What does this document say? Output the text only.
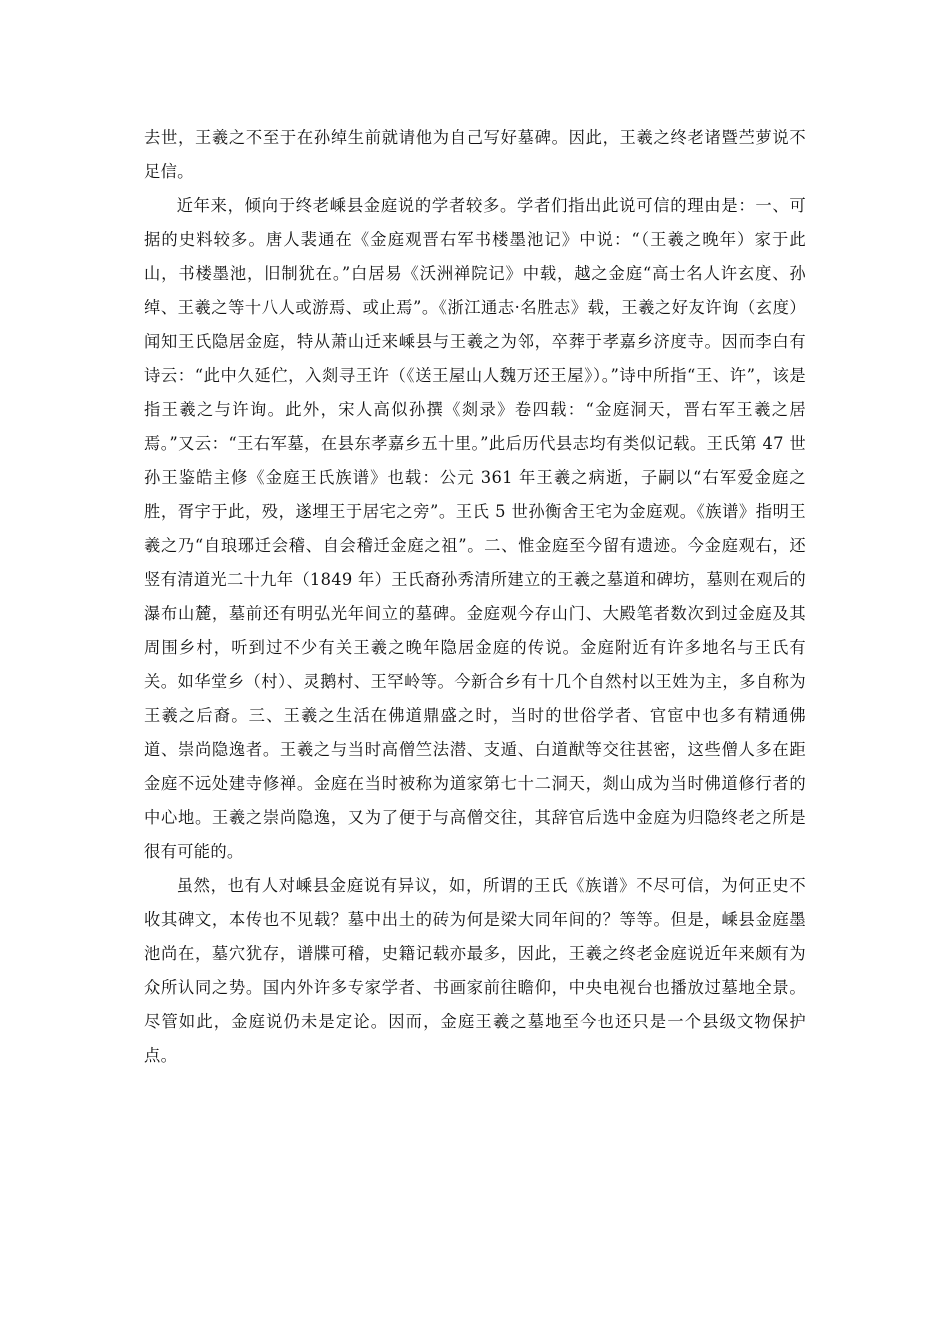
去世，王羲之不至于在孙绰生前就请他为自己写好墓碑。因此，王羲之终老诸暨苎萝说不足信。

近年来，倾向于终老嵊县金庭说的学者较多。学者们指出此说可信的理由是：一、可据的史料较多。唐人裴通在《金庭观晋右军书楼墨池记》中说：“（王羲之晚年）家于此山，书楼墨池，旧制犹在。”白居易《沃洲禅院记》中载，越之金庭“高士名人许玄度、孙绰、王羲之等十八人或游焉、或止焉”。《浙江通志·名胜志》载，王羲之好友许询（玄度）闻知王氏隐居金庭，特从萧山迁来嵊县与王羲之为邻，卒葬于孝嘉乡济度寺。因而李白有诗云：“此中久延伫，入剡寻王许（《送王屋山人魏万还王屋》）。”诗中所指“王、许”，该是指王羲之与许询。此外，宋人高似孙撰《剡录》卷四载：“金庭洞天，晋右军王羲之居焉。”又云：“王右军墓，在县东孝嘉乡五十里。”此后历代县志均有类似记载。王氏第 47 世孙王鉴皓主修《金庭王氏族谱》也载：公元 361 年王羲之病逝，子嗣以“右军爱金庭之胜，胥宇于此，殁，遂埋王于居宅之旁”。王氏 5 世孙衡舍王宅为金庭观。《族谱》指明王羲之乃“自琅琊迁会稽、自会稽迁金庭之祖”。二、惟金庭至今留有遗迹。今金庭观右，还竖有清道光二十九年（1849 年）王氏裔孙秀清所建立的王羲之墓道和碑坊，墓则在观后的瀑布山麓，墓前还有明弘光年间立的墓碑。金庭观今存山门、大殿笔者数次到过金庭及其周围乡村，听到过不少有关王羲之晚年隐居金庭的传说。金庭附近有许多地名与王氏有关。如华堂乡（村）、灵鹅村、王罕岭等。今新合乡有十几个自然村以王姓为主，多自称为王羲之后裔。三、王羲之生活在佛道鼎盛之时，当时的世俗学者、官宦中也多有精通佛道、崇尚隐逸者。王羲之与当时高僧竺法潜、支遁、白道猷等交往甚密，这些僧人多在距金庭不远处建寺修禅。金庭在当时被称为道家第七十二洞天，剡山成为当时佛道修行者的中心地。王羲之崇尚隐逸，又为了便于与高僧交往，其辞官后选中金庭为归隐终老之所是很有可能的。

虽然，也有人对嵊县金庭说有异议，如，所谓的王氏《族谱》不尽可信，为何正史不收其碑文，本传也不见载？墓中出土的砖为何是梁大同年间的？等等。但是，嵊县金庭墨池尚在，墓穴犹存，谱牒可稽，史籍记载亦最多，因此，王羲之终老金庭说近年来颇有为众所认同之势。国内外许多专家学者、书画家前往瞻仰，中央电视台也播放过墓地全景。尽管如此，金庭说仍未是定论。因而，金庭王羲之墓地至今也还只是一个县级文物保护点。
